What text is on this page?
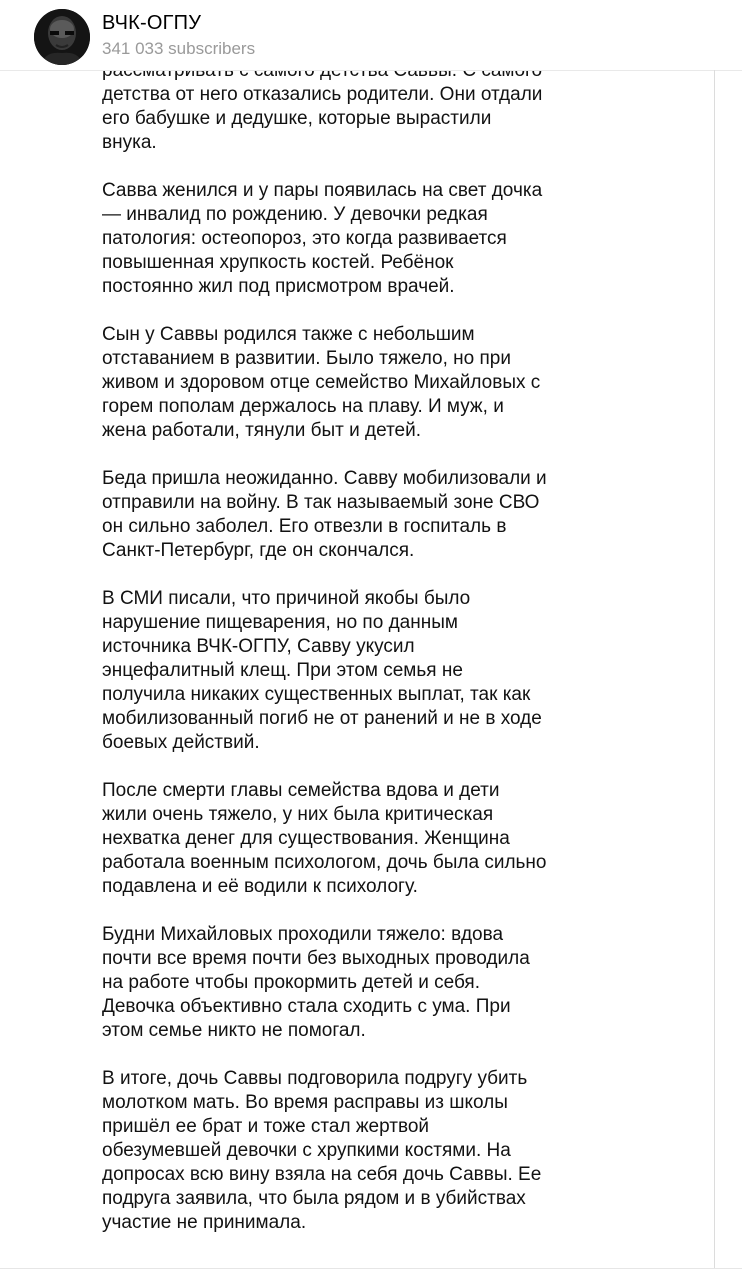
детства от него отказались родители. Они отдали
его бабушке и дедушке, которые вырастили
внука.

Савва женился и у пары появилась на свет дочка
— инвалид по рождению. У девочки редкая
патология: остеопороз, это когда развивается
повышенная хрупкость костей. Ребёнок
постоянно жил под присмотром врачей.

Сын у Саввы родился также с небольшим
отставанием в развитии. Было тяжело, но при
живом и здоровом отце семейство Михайловых с
горем пополам держалось на плаву. И муж, и
жена работали, тянули быт и детей.

Беда пришла неожиданно. Савву мобилизовали и
отправили на войну. В так называемый зоне СВО
он сильно заболел. Его отвезли в госпиталь в
Санкт-Петербург, где он скончался.

В СМИ писали, что причиной якобы было
нарушение пищеварения, но по данным
источника ВЧК-ОГПУ, Савву укусил
энцефалитный клещ. При этом семья не
получила никаких существенных выплат, так как
мобилизованный погиб не от ранений и не в ходе
боевых действий.

После смерти главы семейства вдова и дети
жили очень тяжело, у них была критическая
нехватка денег для существования. Женщина
работала военным психологом, дочь была сильно
подавлена и её водили к психологу.

Будни Михайловых проходили тяжело: вдова
почти все время почти без выходных проводила
на работе чтобы прокормить детей и себя.
Девочка объективно стала сходить с ума. При
этом семье никто не помогал.

В итоге, дочь Саввы подговорила подругу убить
молотком мать. Во время расправы из школы
пришёл ее брат и тоже стал жертвой
обезумевшей девочки с хрупкими костями. На
допросах всю вину взяла на себя дочь Саввы. Ее
подруга заявила, что была рядом и в убийствах
участие не принимала.

ВЧК-ОГПУ
341 033 subscribers
